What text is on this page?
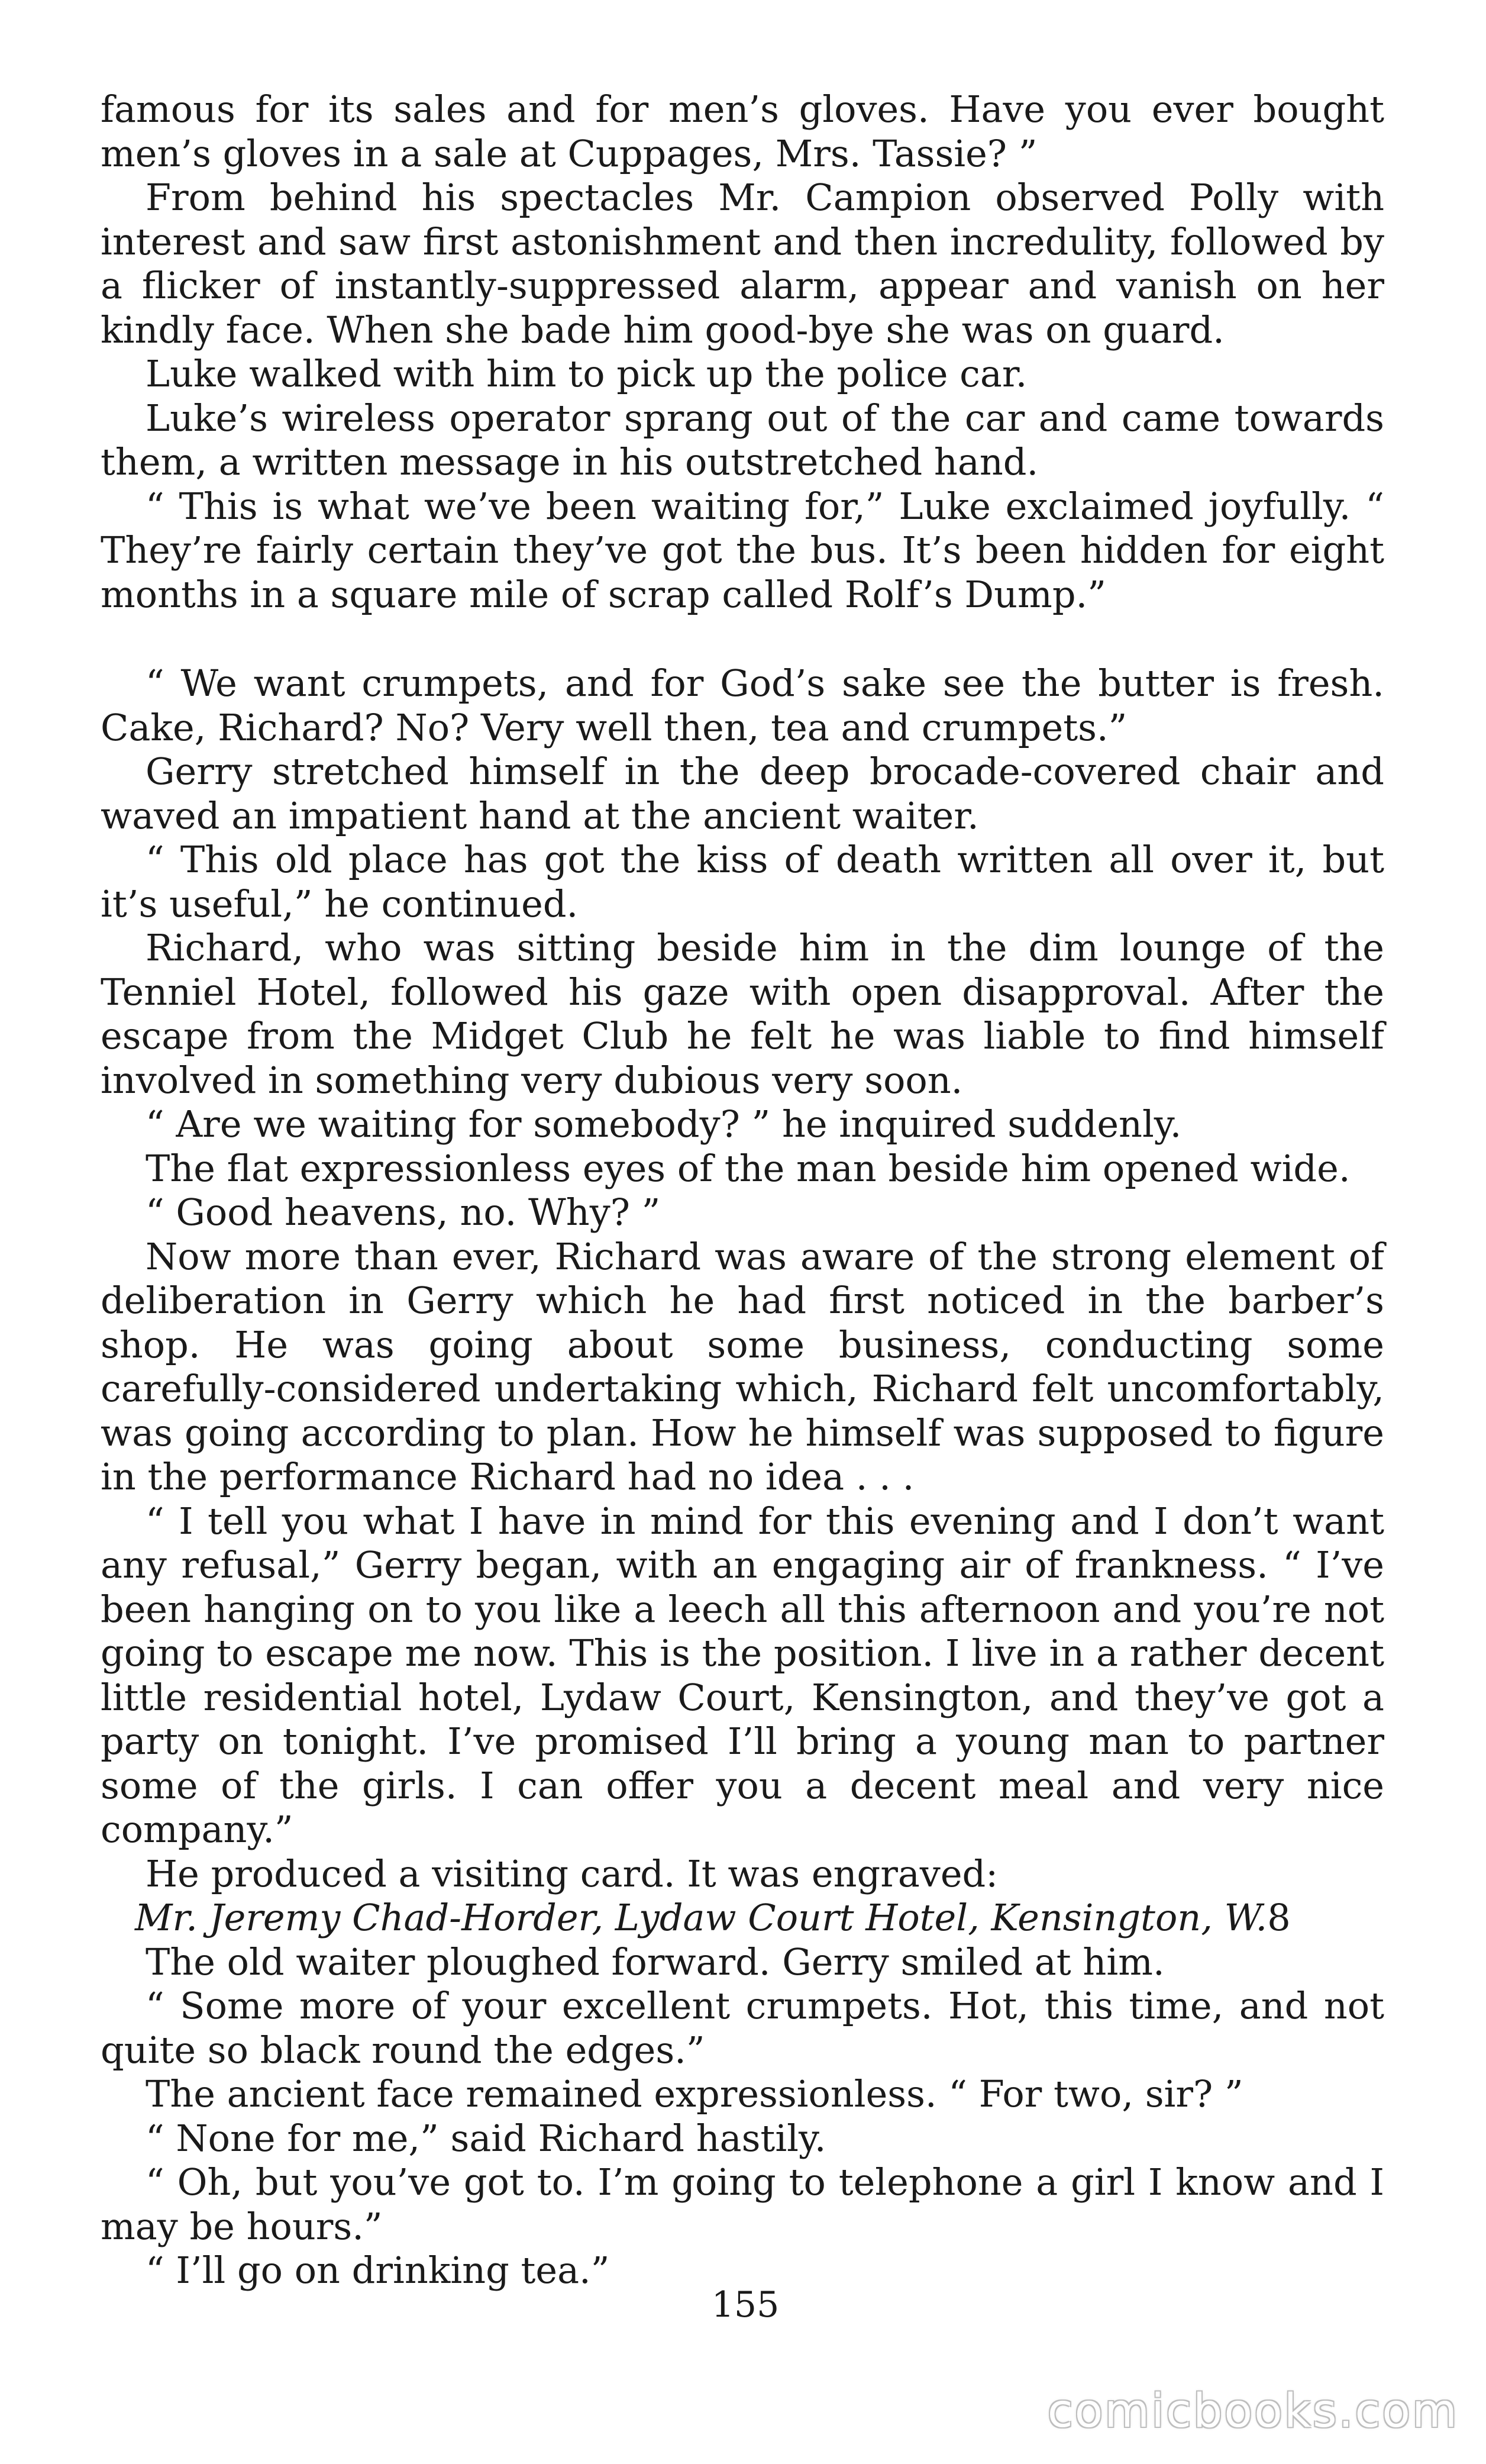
famous for its sales and for men’s gloves. Have you ever bought men’s gloves in a sale at Cuppages, Mrs. Tassie? ”

From behind his spectacles Mr. Campion observed Polly with interest and saw first astonishment and then incredulity, followed by a flicker of instantly-suppressed alarm, appear and vanish on her kindly face. When she bade him good-bye she was on guard.

Luke walked with him to pick up the police car.

Luke’s wireless operator sprang out of the car and came towards them, a written message in his outstretched hand.

“ This is what we’ve been waiting for,” Luke exclaimed joyfully. “ They’re fairly certain they’ve got the bus. It’s been hidden for eight months in a square mile of scrap called Rolf’s Dump.”

“ We want crumpets, and for God’s sake see the butter is fresh. Cake, Richard? No? Very well then, tea and crumpets.”

Gerry stretched himself in the deep brocade-covered chair and waved an impatient hand at the ancient waiter.

“ This old place has got the kiss of death written all over it, but it’s useful,” he continued.

Richard, who was sitting beside him in the dim lounge of the Tenniel Hotel, followed his gaze with open disapproval. After the escape from the Midget Club he felt he was liable to find himself involved in something very dubious very soon.

“ Are we waiting for somebody? ” he inquired suddenly.

The flat expressionless eyes of the man beside him opened wide.

“ Good heavens, no. Why? ”

Now more than ever, Richard was aware of the strong element of deliberation in Gerry which he had first noticed in the barber’s shop. He was going about some business, conducting some carefully-considered undertaking which, Richard felt uncomfortably, was going according to plan. How he himself was supposed to figure in the performance Richard had no idea . . .

“ I tell you what I have in mind for this evening and I don’t want any refusal,” Gerry began, with an engaging air of frankness. “ I’ve been hanging on to you like a leech all this afternoon and you’re not going to escape me now. This is the position. I live in a rather decent little residential hotel, Lydaw Court, Kensington, and they’ve got a party on tonight. I’ve promised I’ll bring a young man to partner some of the girls. I can offer you a decent meal and very nice company.”

He produced a visiting card. It was engraved:

Mr. Jeremy Chad-Horder, Lydaw Court Hotel, Kensington, W.8

The old waiter ploughed forward. Gerry smiled at him.

“ Some more of your excellent crumpets. Hot, this time, and not quite so black round the edges.”

The ancient face remained expressionless. “ For two, sir? ”

“ None for me,” said Richard hastily.

“ Oh, but you’ve got to. I’m going to telephone a girl I know and I may be hours.”

“ I’ll go on drinking tea.”

155
comicbooks.com
